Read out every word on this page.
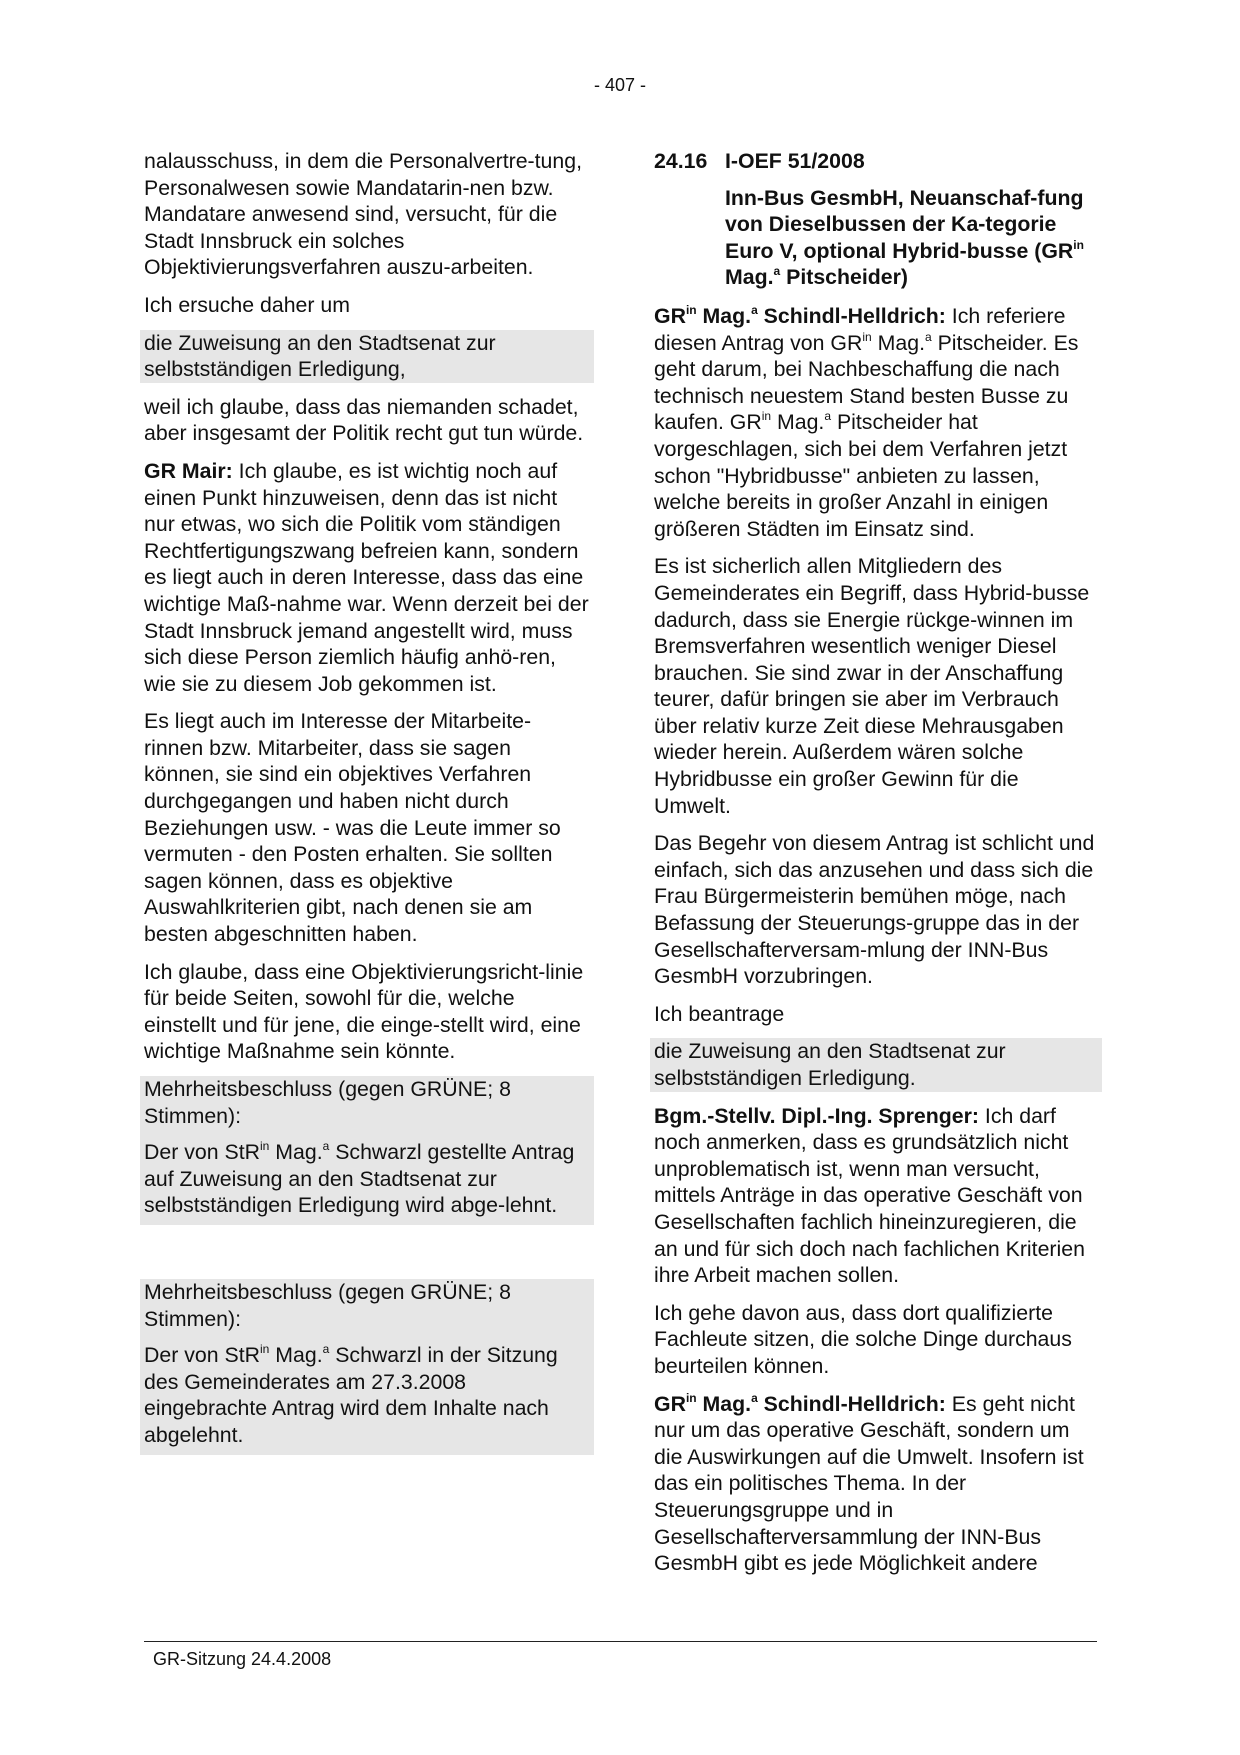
- 407 -

nalausschuss, in dem die Personalvertre-tung, Personalwesen sowie Mandatarin-nen bzw. Mandatare anwesend sind, versucht, für die Stadt Innsbruck ein solches Objektivierungsverfahren auszu-arbeiten.

Ich ersuche daher um

die Zuweisung an den Stadtsenat zur selbstständigen Erledigung,

weil ich glaube, dass das niemanden schadet, aber insgesamt der Politik recht gut tun würde.

GR Mair: Ich glaube, es ist wichtig noch auf einen Punkt hinzuweisen, denn das ist nicht nur etwas, wo sich die Politik vom ständigen Rechtfertigungszwang befreien kann, sondern es liegt auch in deren Interesse, dass das eine wichtige Maß-nahme war. Wenn derzeit bei der Stadt Innsbruck jemand angestellt wird, muss sich diese Person ziemlich häufig anhö-ren, wie sie zu diesem Job gekommen ist.

Es liegt auch im Interesse der Mitarbeite-rinnen bzw. Mitarbeiter, dass sie sagen können, sie sind ein objektives Verfahren durchgegangen und haben nicht durch Beziehungen usw. - was die Leute immer so vermuten - den Posten erhalten. Sie sollten sagen können, dass es objektive Auswahlkriterien gibt, nach denen sie am besten abgeschnitten haben.

Ich glaube, dass eine Objektivierungsricht-linie für beide Seiten, sowohl für die, welche einstellt und für jene, die einge-stellt wird, eine wichtige Maßnahme sein könnte.

Mehrheitsbeschluss (gegen GRÜNE; 8 Stimmen):

Der von StR$^{in}$ Mag.$^a$ Schwarzl gestellte Antrag auf Zuweisung an den Stadtsenat zur selbstständigen Erledigung wird abge-lehnt.

Mehrheitsbeschluss (gegen GRÜNE; 8 Stimmen):

Der von StR$^{in}$ Mag.$^a$ Schwarzl in der Sitzung des Gemeinderates am 27.3.2008 eingebrachte Antrag wird dem Inhalte nach abgelehnt.

24.16 I-OEF 51/2008

Inn-Bus GesmbH, Neuanschaf-fung von Dieselbussen der Ka-tegorie Euro V, optional Hybrid-busse ($GR^{in}$ Mag.$^a$ Pitscheider)

$GR^{in}$ Mag.$^a$ Schindl-Helldrich: Ich referiere diesen Antrag von $GR^{in}$ Mag.$^a$ Pitscheider. Es geht darum, bei Nachbeschaffung die nach technisch neuestem Stand besten Busse zu kaufen. $GR^{in}$ Mag.$^a$ Pitscheider hat vorgeschlagen, sich bei dem Verfahren jetzt schon "Hybridbusse" anbieten zu lassen, welche bereits in großer Anzahl in einigen größeren Städten im Einsatz sind.

Es ist sicherlich allen Mitgliedern des Gemeinderates ein Begriff, dass Hybrid-busse dadurch, dass sie Energie rückge-winnen im Bremsverfahren wesentlich weniger Diesel brauchen. Sie sind zwar in der Anschaffung teurer, dafür bringen sie aber im Verbrauch über relativ kurze Zeit diese Mehrausgaben wieder herein. Außerdem wären solche Hybridbusse ein großer Gewinn für die Umwelt.

Das Begehr von diesem Antrag ist schlicht und einfach, sich das anzusehen und dass sich die Frau Bürgermeisterin bemühen möge, nach Befassung der Steuerungs-gruppe das in der Gesellschafterversam-mlung der INN-Bus GesmbH vorzubringen.

Ich beantrage

die Zuweisung an den Stadtsenat zur selbstständigen Erledigung.

Bgm.-Stellv. Dipl.-Ing. Sprenger: Ich darf noch anmerken, dass es grundsätzlich nicht unproblematisch ist, wenn man versucht, mittels Anträge in das operative Geschäft von Gesellschaften fachlich hineinzuregieren, die an und für sich doch nach fachlichen Kriterien ihre Arbeit machen sollen.

Ich gehe davon aus, dass dort qualifizierte Fachleute sitzen, die solche Dinge durchaus beurteilen können.

$GR^{in}$ Mag.$^a$ Schindl-Helldrich: Es geht nicht nur um das operative Geschäft, sondern um die Auswirkungen auf die Umwelt. Insofern ist das ein politisches Thema. In der Steuerungsgruppe und in Gesellschafterversammlung der INN-Bus GesmbH gibt es jede Möglichkeit andere

GR-Sitzung 24.4.2008
